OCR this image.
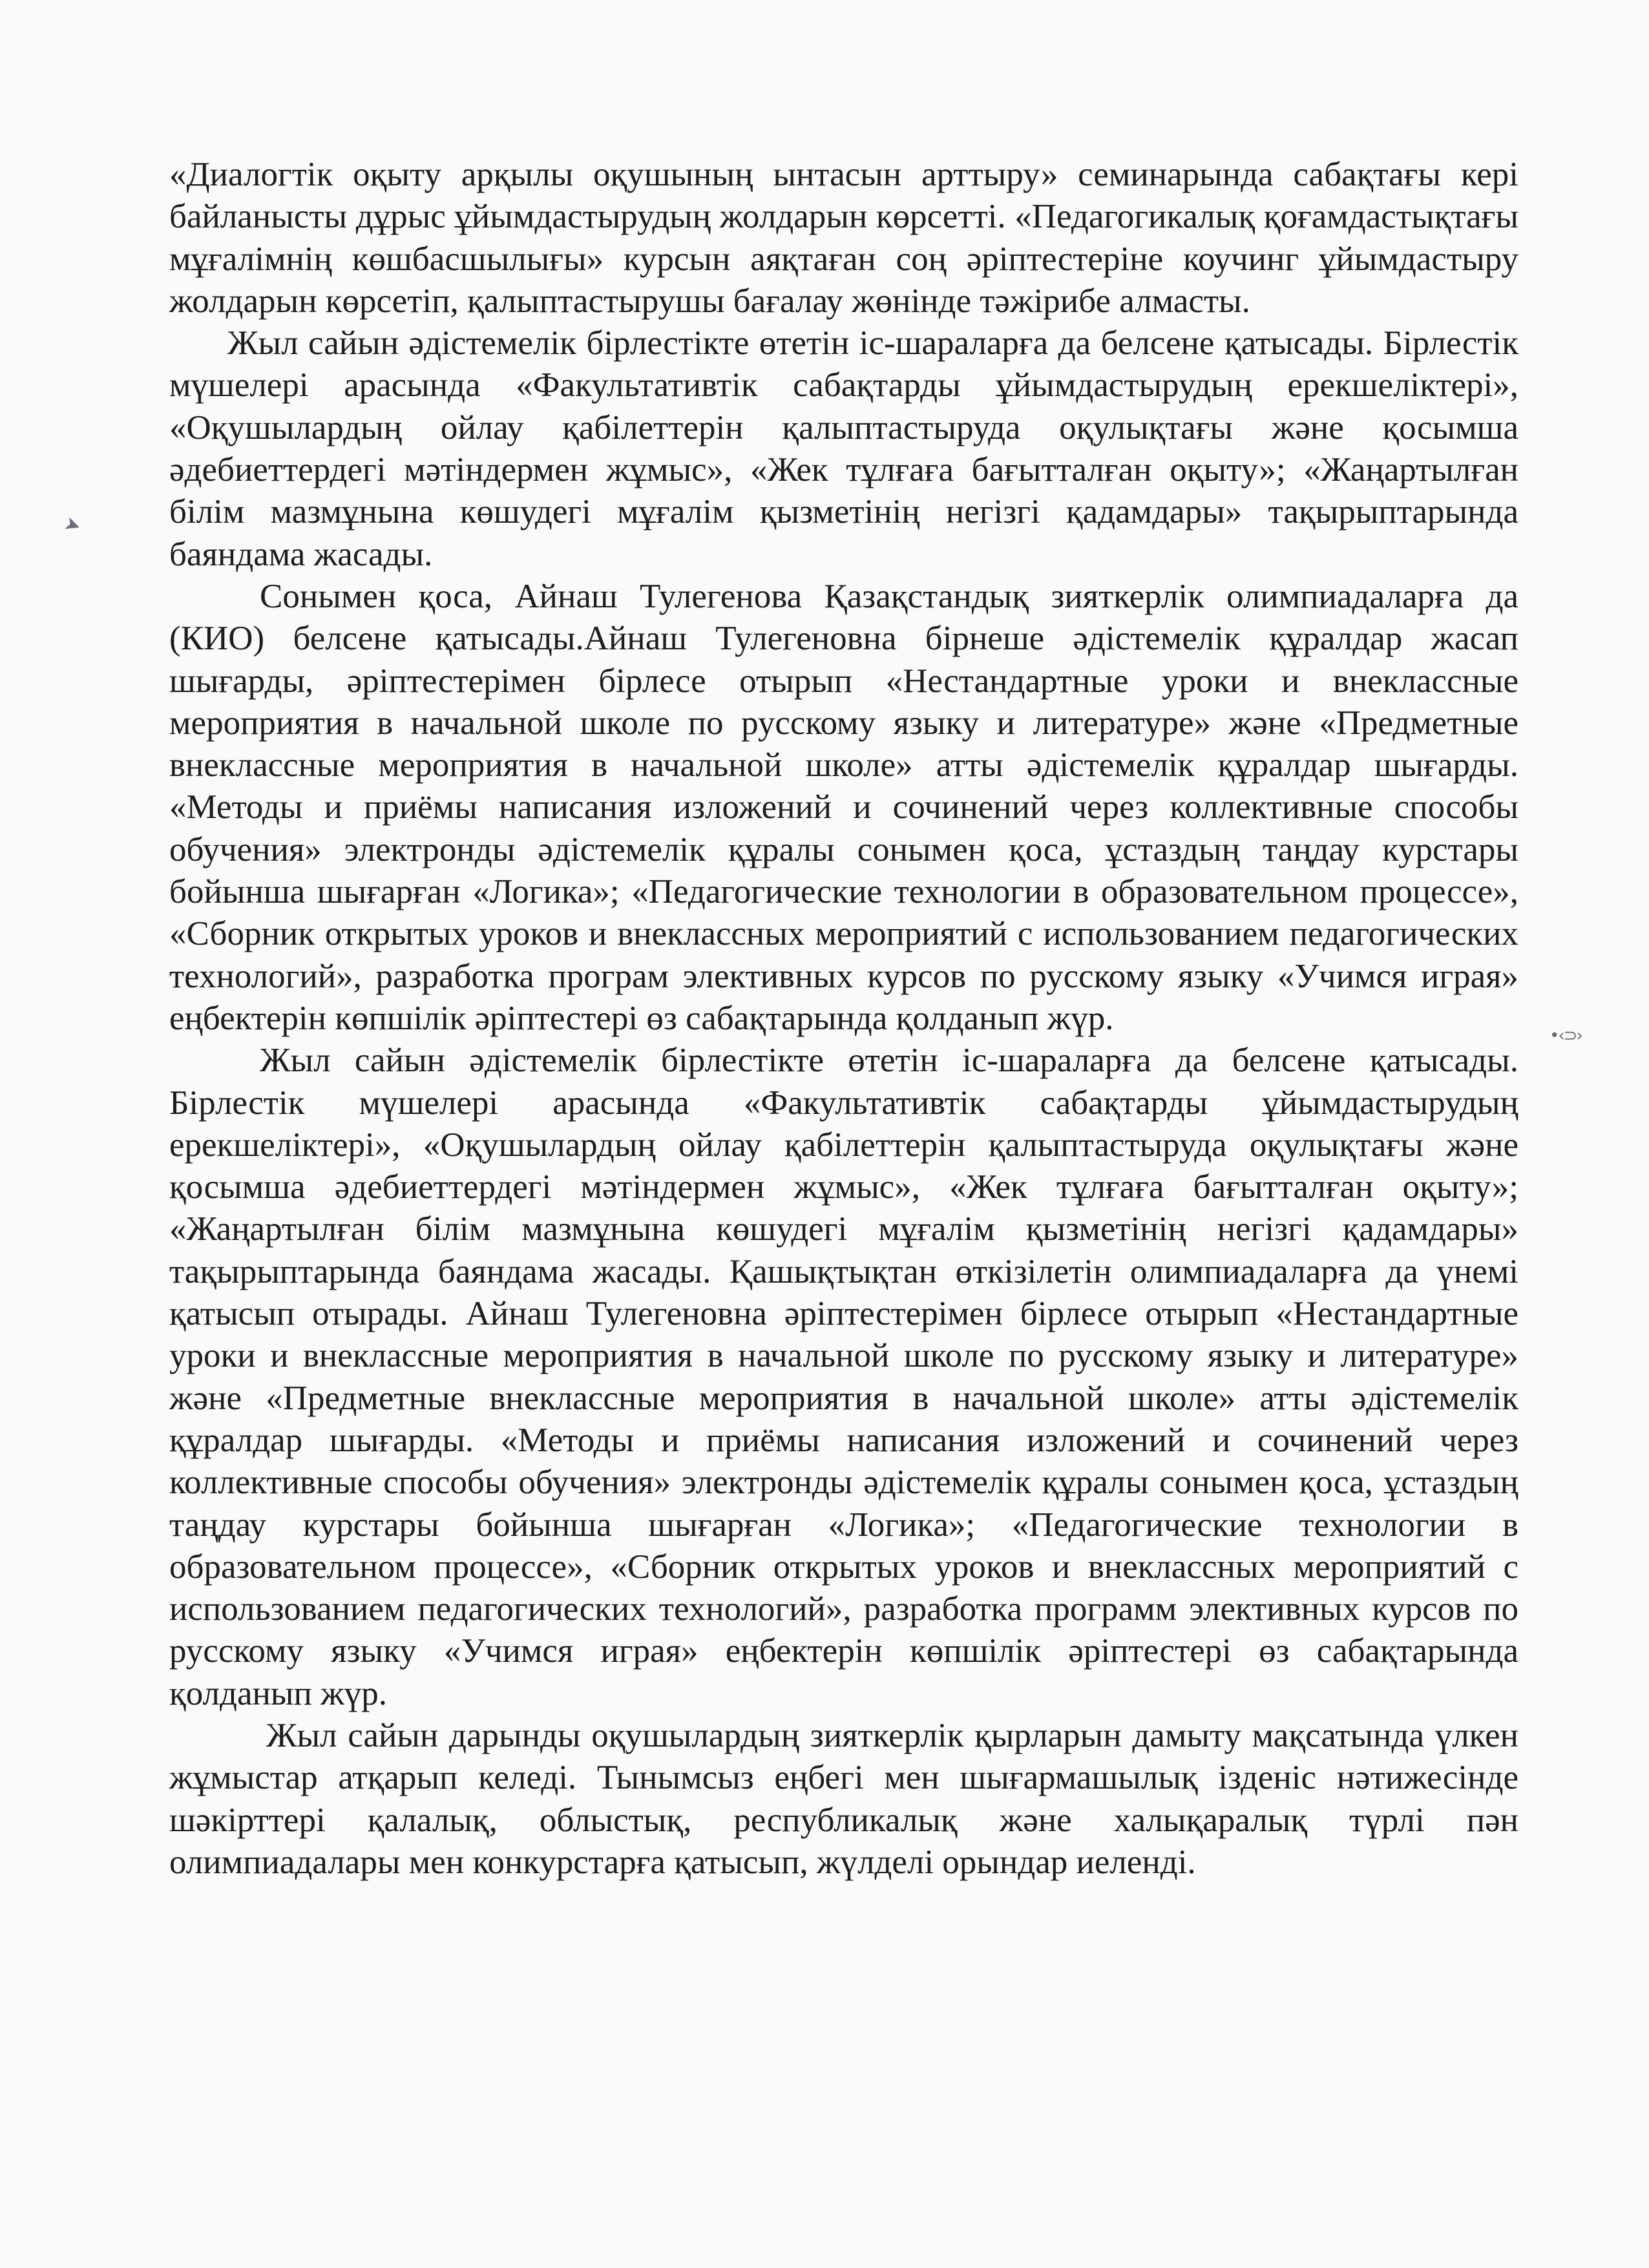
➤
•‹⊃›

«Диалогтік оқыту арқылы оқушының ынтасын арттыру» семинарында сабақтағы кері байланысты дұрыс ұйымдастырудың жолдарын көрсетті. «Педагогикалық қоғамдастықтағы мұғалімнің көшбасшылығы» курсын аяқтаған соң әріптестеріне коучинг ұйымдастыру жолдарын көрсетіп, қалыптастырушы бағалау жөнінде тәжірибе алмасты.

Жыл сайын әдістемелік бірлестікте өтетін іс-шараларға да белсене қатысады. Бірлестік мүшелері арасында «Факультативтік сабақтарды ұйымдастырудың ерекшеліктері», «Оқушылардың ойлау қабілеттерін қалыптастыруда оқулықтағы және қосымша әдебиеттердегі мәтіндермен жұмыс», «Жек тұлғаға бағытталған оқыту»; «Жаңартылған білім мазмұнына көшудегі мұғалім қызметінің негізгі қадамдары» тақырыптарында баяндама жасады.

Сонымен қоса, Айнаш Тулегенова Қазақстандық зияткерлік олимпиадаларға да (КИО) белсене қатысады.Айнаш Тулегеновна бірнеше әдістемелік құралдар жасап шығарды, әріптестерімен бірлесе отырып «Нестандартные уроки и внеклассные мероприятия в начальной школе по русскому языку и литературе» және «Предметные внеклассные мероприятия в начальной школе» атты әдістемелік құралдар шығарды. «Методы и приёмы написания изложений и сочинений через коллективные способы обучения» электронды әдістемелік құралы сонымен қоса, ұстаздың таңдау курстары бойынша шығарған «Логика»; «Педагогические технологии в образовательном процессе», «Сборник открытых уроков и внеклассных мероприятий с использованием педагогических технологий», разработка програм элективных курсов по русскому языку «Учимся играя» еңбектерін көпшілік әріптестері өз сабақтарында қолданып жүр.

Жыл сайын әдістемелік бірлестікте өтетін іс-шараларға да белсене қатысады. Бірлестік мүшелері арасында «Факультативтік сабақтарды ұйымдастырудың ерекшеліктері», «Оқушылардың ойлау қабілеттерін қалыптастыруда оқулықтағы және қосымша әдебиеттердегі мәтіндермен жұмыс», «Жек тұлғаға бағытталған оқыту»; «Жаңартылған білім мазмұнына көшудегі мұғалім қызметінің негізгі қадамдары» тақырыптарында баяндама жасады. Қашықтықтан өткізілетін олимпиадаларға да үнемі қатысып отырады. Айнаш Тулегеновна әріптестерімен бірлесе отырып «Нестандартные уроки и внеклассные мероприятия в начальной школе по русскому языку и литературе» және «Предметные внеклассные мероприятия в начальной школе» атты әдістемелік құралдар шығарды. «Методы и приёмы написания изложений и сочинений через коллективные способы обучения» электронды әдістемелік құралы сонымен қоса, ұстаздың таңдау курстары бойынша шығарған «Логика»; «Педагогические технологии в образовательном процессе», «Сборник открытых уроков и внеклассных мероприятий с использованием педагогических технологий», разработка программ элективных курсов по русскому языку «Учимся играя» еңбектерін көпшілік әріптестері өз сабақтарында қолданып жүр.

Жыл сайын дарынды оқушылардың зияткерлік қырларын дамыту мақсатында үлкен жұмыстар атқарып келеді. Тынымсыз еңбегі мен шығармашылық ізденіс нәтижесінде шәкірттері қалалық, облыстық, республикалық және халықаралық түрлі пән олимпиадалары мен конкурстарға қатысып, жүлделі орындар иеленді.
